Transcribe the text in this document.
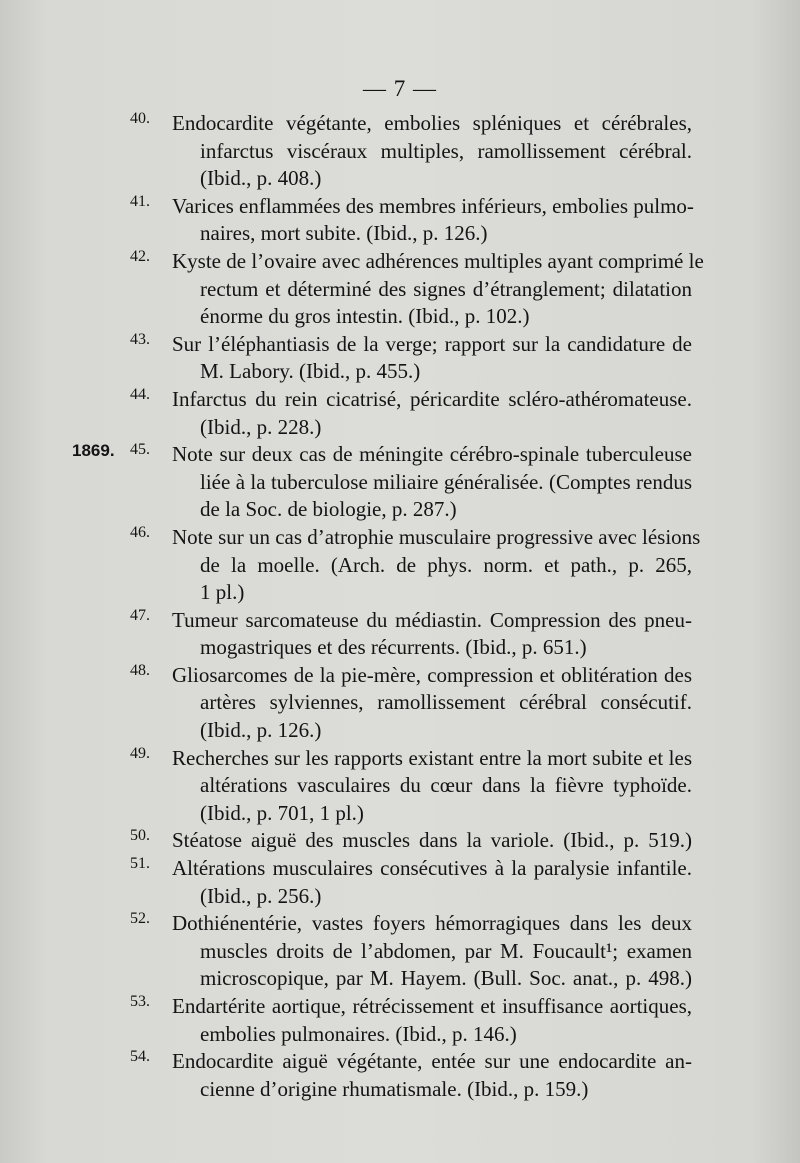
— 7 —
40.	Endocardite végétante, embolies spléniques et cérébrales,
infarctus viscéraux multiples, ramollissement cérébral.
(Ibid., p. 408.)
41.	Varices enflammées des membres inférieurs, embolies pulmo-
naires, mort subite. (Ibid., p. 126.)
42.	Kyste de l’ovaire avec adhérences multiples ayant comprimé le
rectum et déterminé des signes d’étranglement; dilatation
énorme du gros intestin. (Ibid., p. 102.)
43.	Sur l’éléphantiasis de la verge; rapport sur la candidature de
M. Labory. (Ibid., p. 455.)
44.	Infarctus du rein cicatrisé, péricardite scléro-athéromateuse.
(Ibid., p. 228.)
1869. 45.	Note sur deux cas de méningite cérébro-spinale tuberculeuse
liée à la tuberculose miliaire généralisée. (Comptes rendus
de la Soc. de biologie, p. 287.)
46.	Note sur un cas d’atrophie musculaire progressive avec lésions
de la moelle. (Arch. de phys. norm. et path., p. 265,
1 pl.)
47.	Tumeur sarcomateuse du médiastin. Compression des pneu-
mogastriques et des récurrents. (Ibid., p. 651.)
48.	Gliosarcomes de la pie-mère, compression et oblitération des
artères sylviennes, ramollissement cérébral consécutif.
(Ibid., p. 126.)
49.	Recherches sur les rapports existant entre la mort subite et les
altérations vasculaires du cœur dans la fièvre typhoïde.
(Ibid., p. 701, 1 pl.)
50.	Stéatose aiguë des muscles dans la variole. (Ibid., p. 519.)
51.	Altérations musculaires consécutives à la paralysie infantile.
(Ibid., p. 256.)
52.	Dothiénentérie, vastes foyers hémorragiques dans les deux
muscles droits de l’abdomen, par M. Foucault¹; examen
microscopique, par M. Hayem. (Bull. Soc. anat., p. 498.)
53.	Endartérite aortique, rétrécissement et insuffisance aortiques,
embolies pulmonaires. (Ibid., p. 146.)
54.	Endocardite aiguë végétante, entée sur une endocardite an-
cienne d’origine rhumatismale. (Ibid., p. 159.)
